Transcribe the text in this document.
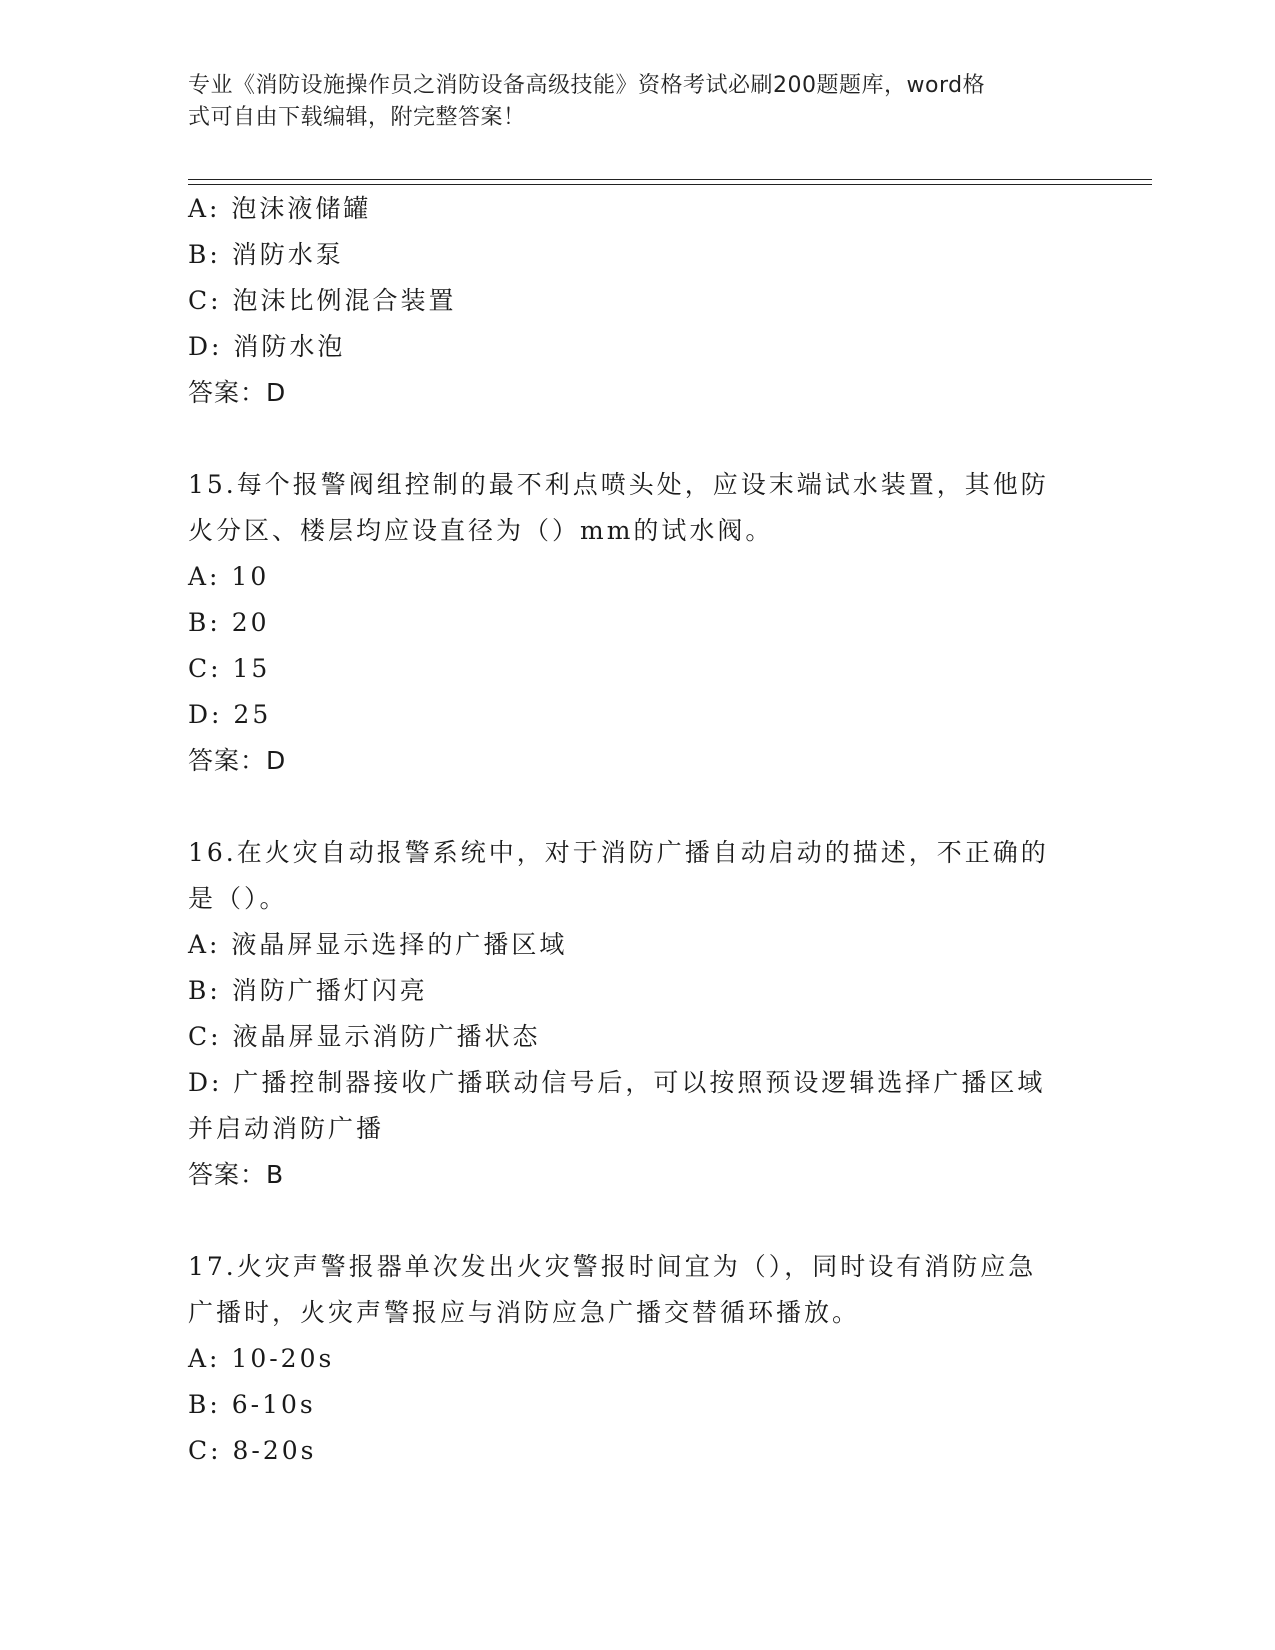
专业《消防设施操作员之消防设备高级技能》资格考试必刷200题题库，word格
式可自由下载编辑，附完整答案！
A: 泡沫液储罐
B: 消防水泵
C: 泡沫比例混合装置
D: 消防水泡
答案：D
15.每个报警阀组控制的最不利点喷头处，应设末端试水装置，其他防
火分区、楼层均应设直径为（）mm的试水阀。
A: 10
B: 20
C: 15
D: 25
答案：D
16.在火灾自动报警系统中，对于消防广播自动启动的描述，不正确的
是（）。
A: 液晶屏显示选择的广播区域
B: 消防广播灯闪亮
C: 液晶屏显示消防广播状态
D: 广播控制器接收广播联动信号后，可以按照预设逻辑选择广播区域
并启动消防广播
答案：B
17.火灾声警报器单次发出火灾警报时间宜为（），同时设有消防应急
广播时，火灾声警报应与消防应急广播交替循环播放。
A: 10-20s
B: 6-10s
C: 8-20s
